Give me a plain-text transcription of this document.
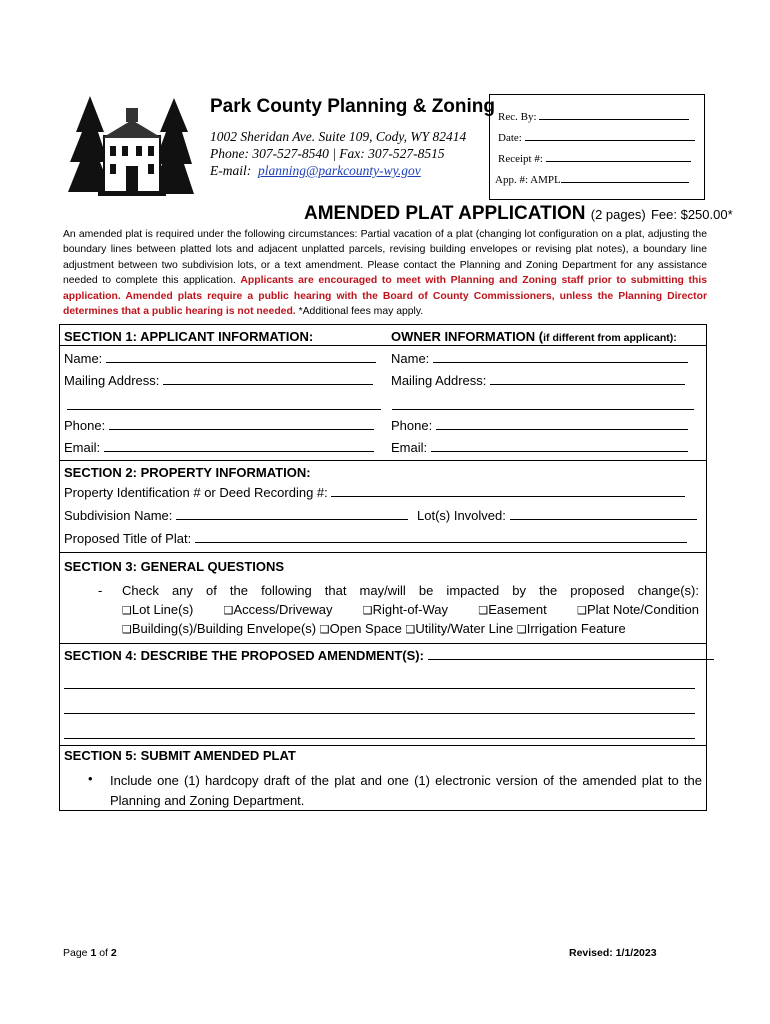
Park County Planning & Zoning
1002 Sheridan Ave. Suite 109, Cody, WY 82414
Phone: 307-527-8540 | Fax: 307-527-8515
E-mail: planning@parkcounty-wy.gov
Rec. By:
Date:
Receipt #:
App. #: AMPL
AMENDED PLAT APPLICATION (2 pages) Fee: $250.00*
An amended plat is required under the following circumstances: Partial vacation of a plat (changing lot configuration on a plat, adjusting the boundary lines between platted lots and adjacent unplatted parcels, revising building envelopes or revising plat notes), a boundary line adjustment between two subdivision lots, or a text amendment. Please contact the Planning and Zoning Department for any assistance needed to complete this application. Applicants are encouraged to meet with Planning and Zoning staff prior to submitting this application. Amended plats require a public hearing with the Board of County Commissioners, unless the Planning Director determines that a public hearing is not needed. *Additional fees may apply.
SECTION 1: APPLICANT INFORMATION:	OWNER INFORMATION (if different from applicant):
Name:	Name:
Mailing Address:	Mailing Address:
Phone:	Phone:
Email:	Email:
SECTION 2: PROPERTY INFORMATION:
Property Identification # or Deed Recording #:
Subdivision Name:	Lot(s) Involved:
Proposed Title of Plat:
SECTION 3: GENERAL QUESTIONS
- Check any of the following that may/will be impacted by the proposed change(s):
❑Lot Line(s)	❑Access/Driveway	❑Right-of-Way	❑Easement	❑Plat Note/Condition
❑Building(s)/Building Envelope(s) ❑Open Space ❑Utility/Water Line ❑Irrigation Feature
SECTION 4: DESCRIBE THE PROPOSED AMENDMENT(S):
SECTION 5: SUBMIT AMENDED PLAT
• Include one (1) hardcopy draft of the plat and one (1) electronic version of the amended plat to the Planning and Zoning Department.
Page 1 of 2	Revised: 1/1/2023
